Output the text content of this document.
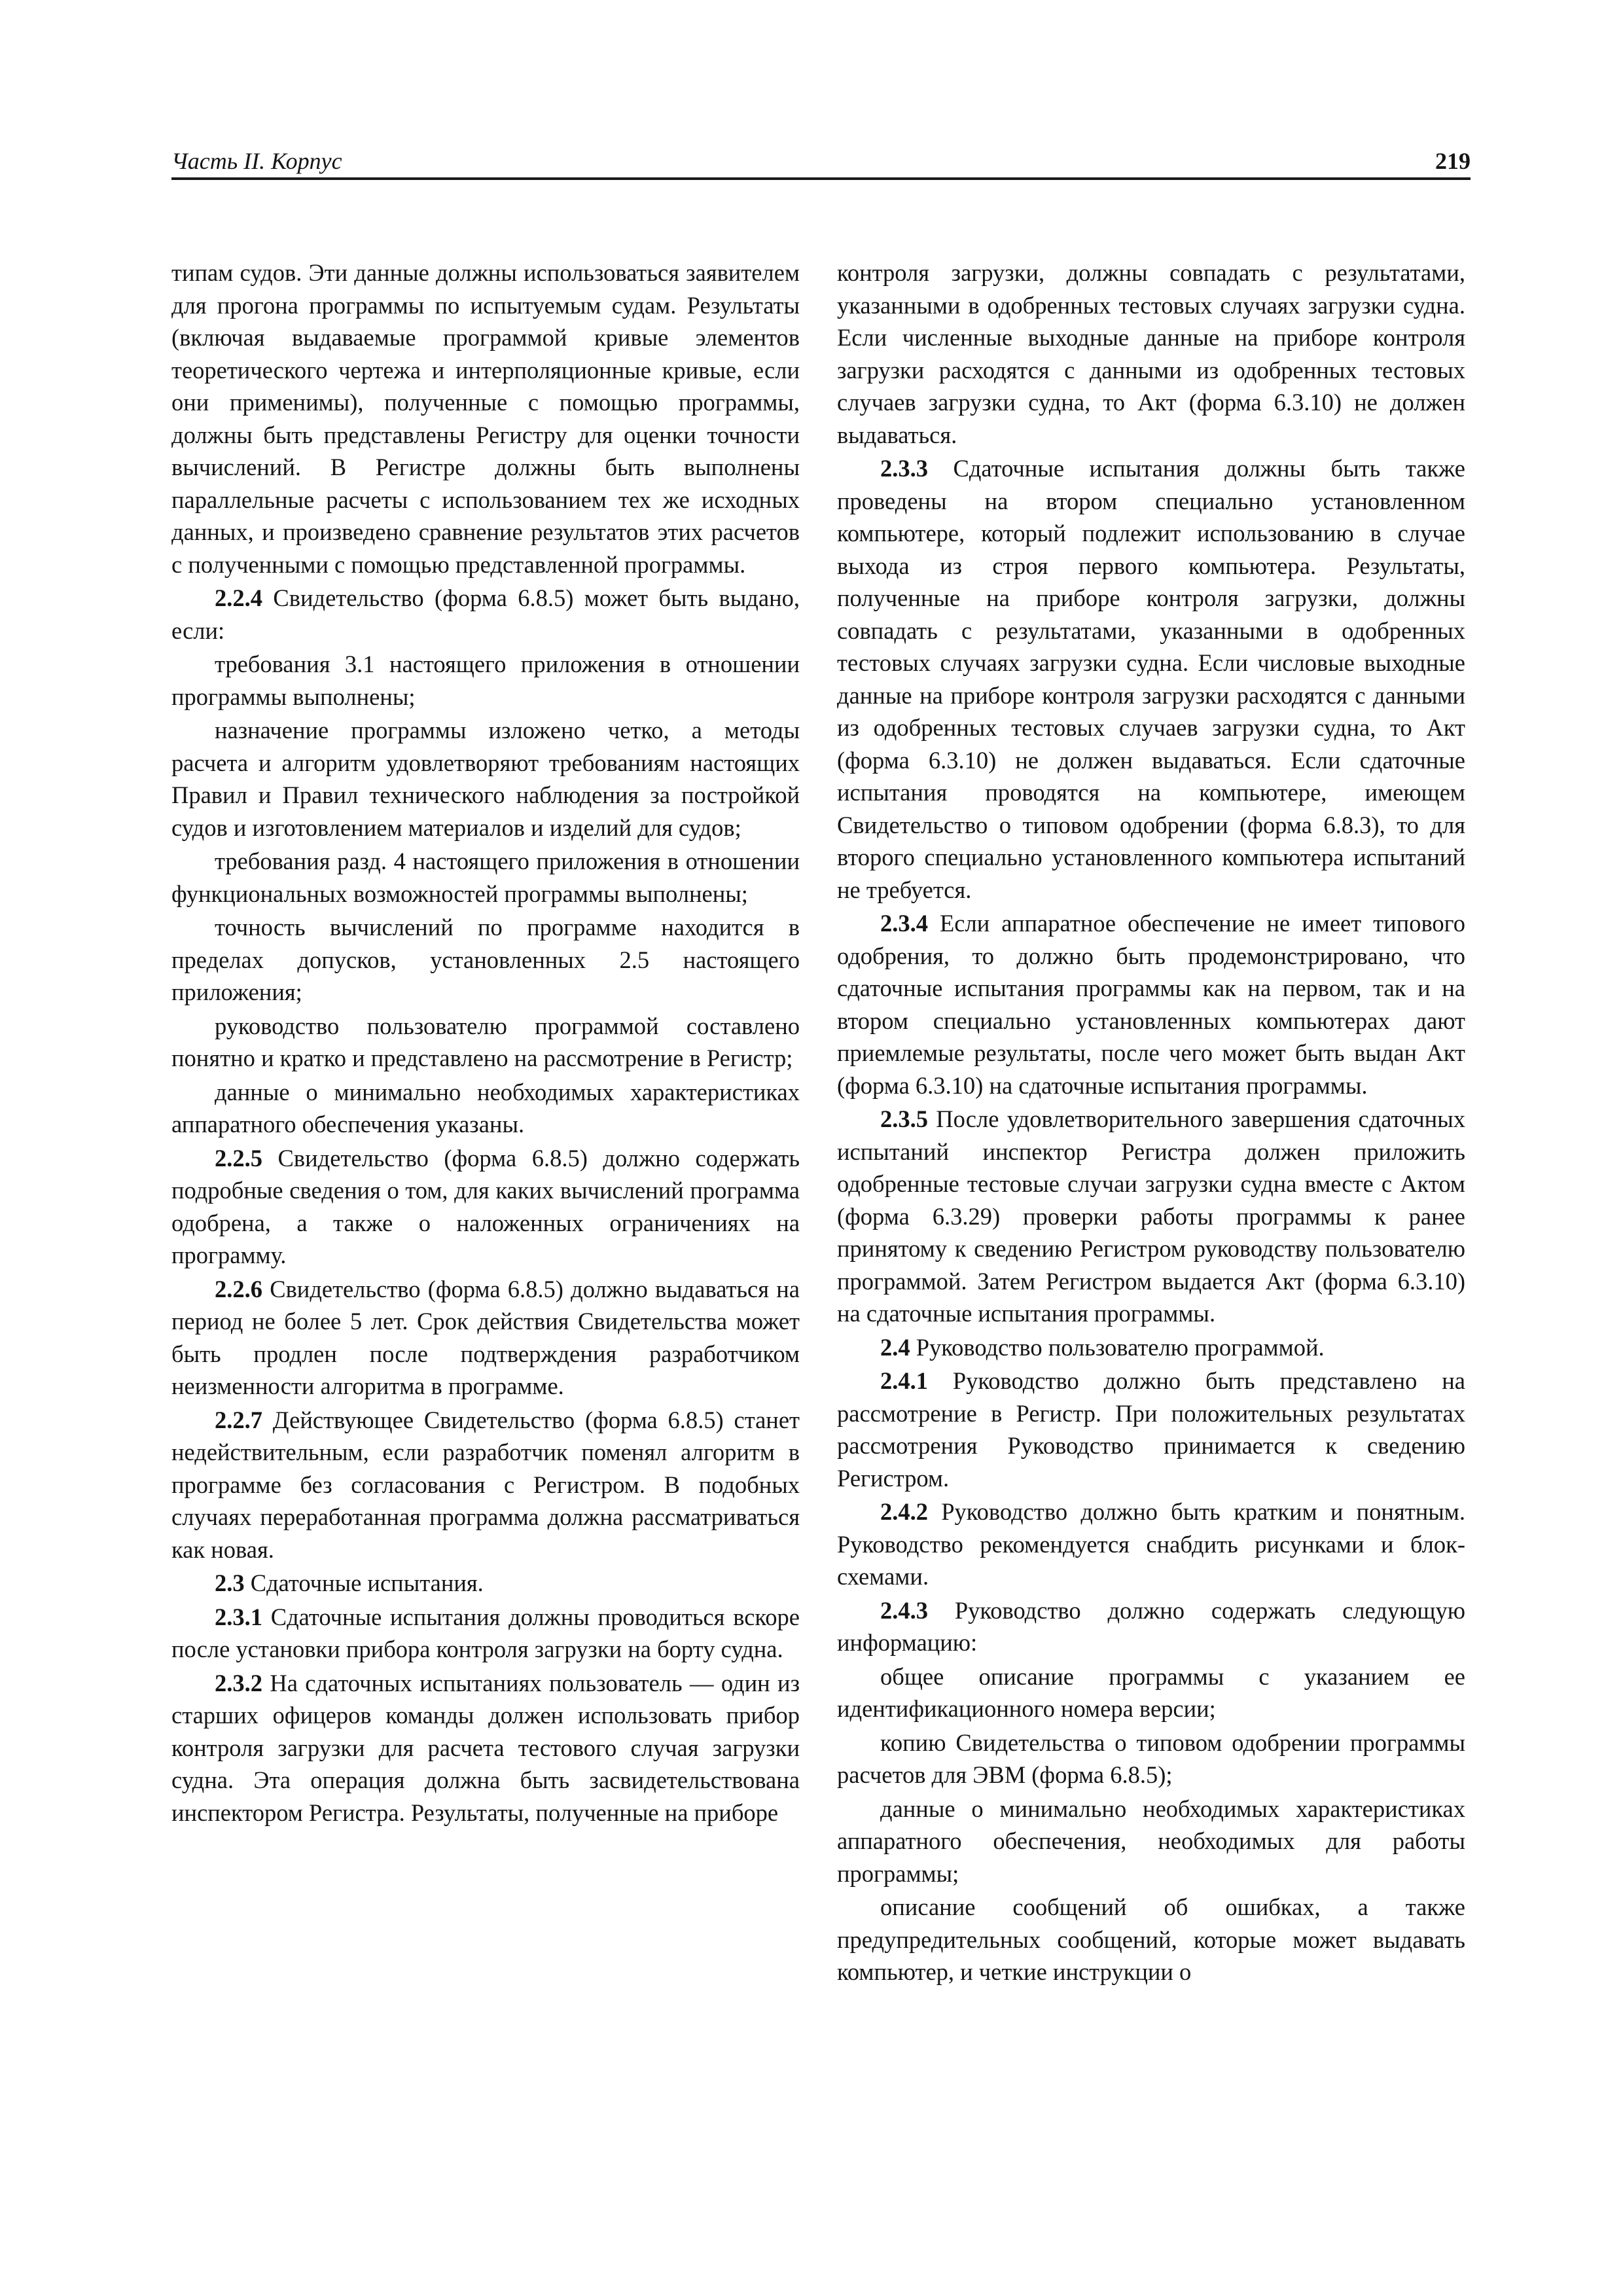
Часть II. Корпус	219

типам судов. Эти данные должны использоваться заявителем для прогона программы по испытуемым судам. Результаты (включая выдаваемые программой кривые элементов теоретического чертежа и интерполяционные кривые, если они применимы), полученные с помощью программы, должны быть представлены Регистру для оценки точности вычислений. В Регистре должны быть выполнены параллельные расчеты с использованием тех же исходных данных, и произведено сравнение результатов этих расчетов с полученными с помощью представленной программы.

2.2.4 Свидетельство (форма 6.8.5) может быть выдано, если:

требования 3.1 настоящего приложения в отношении программы выполнены;

назначение программы изложено четко, а методы расчета и алгоритм удовлетворяют требованиям настоящих Правил и Правил технического наблюдения за постройкой судов и изготовлением материалов и изделий для судов;

требования разд. 4 настоящего приложения в отношении функциональных возможностей программы выполнены;

точность вычислений по программе находится в пределах допусков, установленных 2.5 настоящего приложения;

руководство пользователю программой составлено понятно и кратко и представлено на рассмотрение в Регистр;

данные о минимально необходимых характеристиках аппаратного обеспечения указаны.

2.2.5 Свидетельство (форма 6.8.5) должно содержать подробные сведения о том, для каких вычислений программа одобрена, а также о наложенных ограничениях на программу.

2.2.6 Свидетельство (форма 6.8.5) должно выдаваться на период не более 5 лет. Срок действия Свидетельства может быть продлен после подтверждения разработчиком неизменности алгоритма в программе.

2.2.7 Действующее Свидетельство (форма 6.8.5) станет недействительным, если разработчик поменял алгоритм в программе без согласования с Регистром. В подобных случаях переработанная программа должна рассматриваться как новая.

2.3 Сдаточные испытания.

2.3.1 Сдаточные испытания должны проводиться вскоре после установки прибора контроля загрузки на борту судна.

2.3.2 На сдаточных испытаниях пользователь — один из старших офицеров команды должен использовать прибор контроля загрузки для расчета тестового случая загрузки судна. Эта операция должна быть засвидетельствована инспектором Регистра. Результаты, полученные на приборе

контроля загрузки, должны совпадать с результатами, указанными в одобренных тестовых случаях загрузки судна. Если численные выходные данные на приборе контроля загрузки расходятся с данными из одобренных тестовых случаев загрузки судна, то Акт (форма 6.3.10) не должен выдаваться.

2.3.3 Сдаточные испытания должны быть также проведены на втором специально установленном компьютере, который подлежит использованию в случае выхода из строя первого компьютера. Результаты, полученные на приборе контроля загрузки, должны совпадать с результатами, указанными в одобренных тестовых случаях загрузки судна. Если числовые выходные данные на приборе контроля загрузки расходятся с данными из одобренных тестовых случаев загрузки судна, то Акт (форма 6.3.10) не должен выдаваться. Если сдаточные испытания проводятся на компьютере, имеющем Свидетельство о типовом одобрении (форма 6.8.3), то для второго специально установленного компьютера испытаний не требуется.

2.3.4 Если аппаратное обеспечение не имеет типового одобрения, то должно быть продемонстрировано, что сдаточные испытания программы как на первом, так и на втором специально установленных компьютерах дают приемлемые результаты, после чего может быть выдан Акт (форма 6.3.10) на сдаточные испытания программы.

2.3.5 После удовлетворительного завершения сдаточных испытаний инспектор Регистра должен приложить одобренные тестовые случаи загрузки судна вместе с Актом (форма 6.3.29) проверки работы программы к ранее принятому к сведению Регистром руководству пользователю программой. Затем Регистром выдается Акт (форма 6.3.10) на сдаточные испытания программы.

2.4 Руководство пользователю программой.

2.4.1 Руководство должно быть представлено на рассмотрение в Регистр. При положительных результатах рассмотрения Руководство принимается к сведению Регистром.

2.4.2 Руководство должно быть кратким и понятным. Руководство рекомендуется снабдить рисунками и блок-схемами.

2.4.3 Руководство должно содержать следующую информацию:

общее описание программы с указанием ее идентификационного номера версии;

копию Свидетельства о типовом одобрении программы расчетов для ЭВМ (форма 6.8.5);

данные о минимально необходимых характеристиках аппаратного обеспечения, необходимых для работы программы;

описание сообщений об ошибках, а также предупредительных сообщений, которые может выдавать компьютер, и четкие инструкции о
